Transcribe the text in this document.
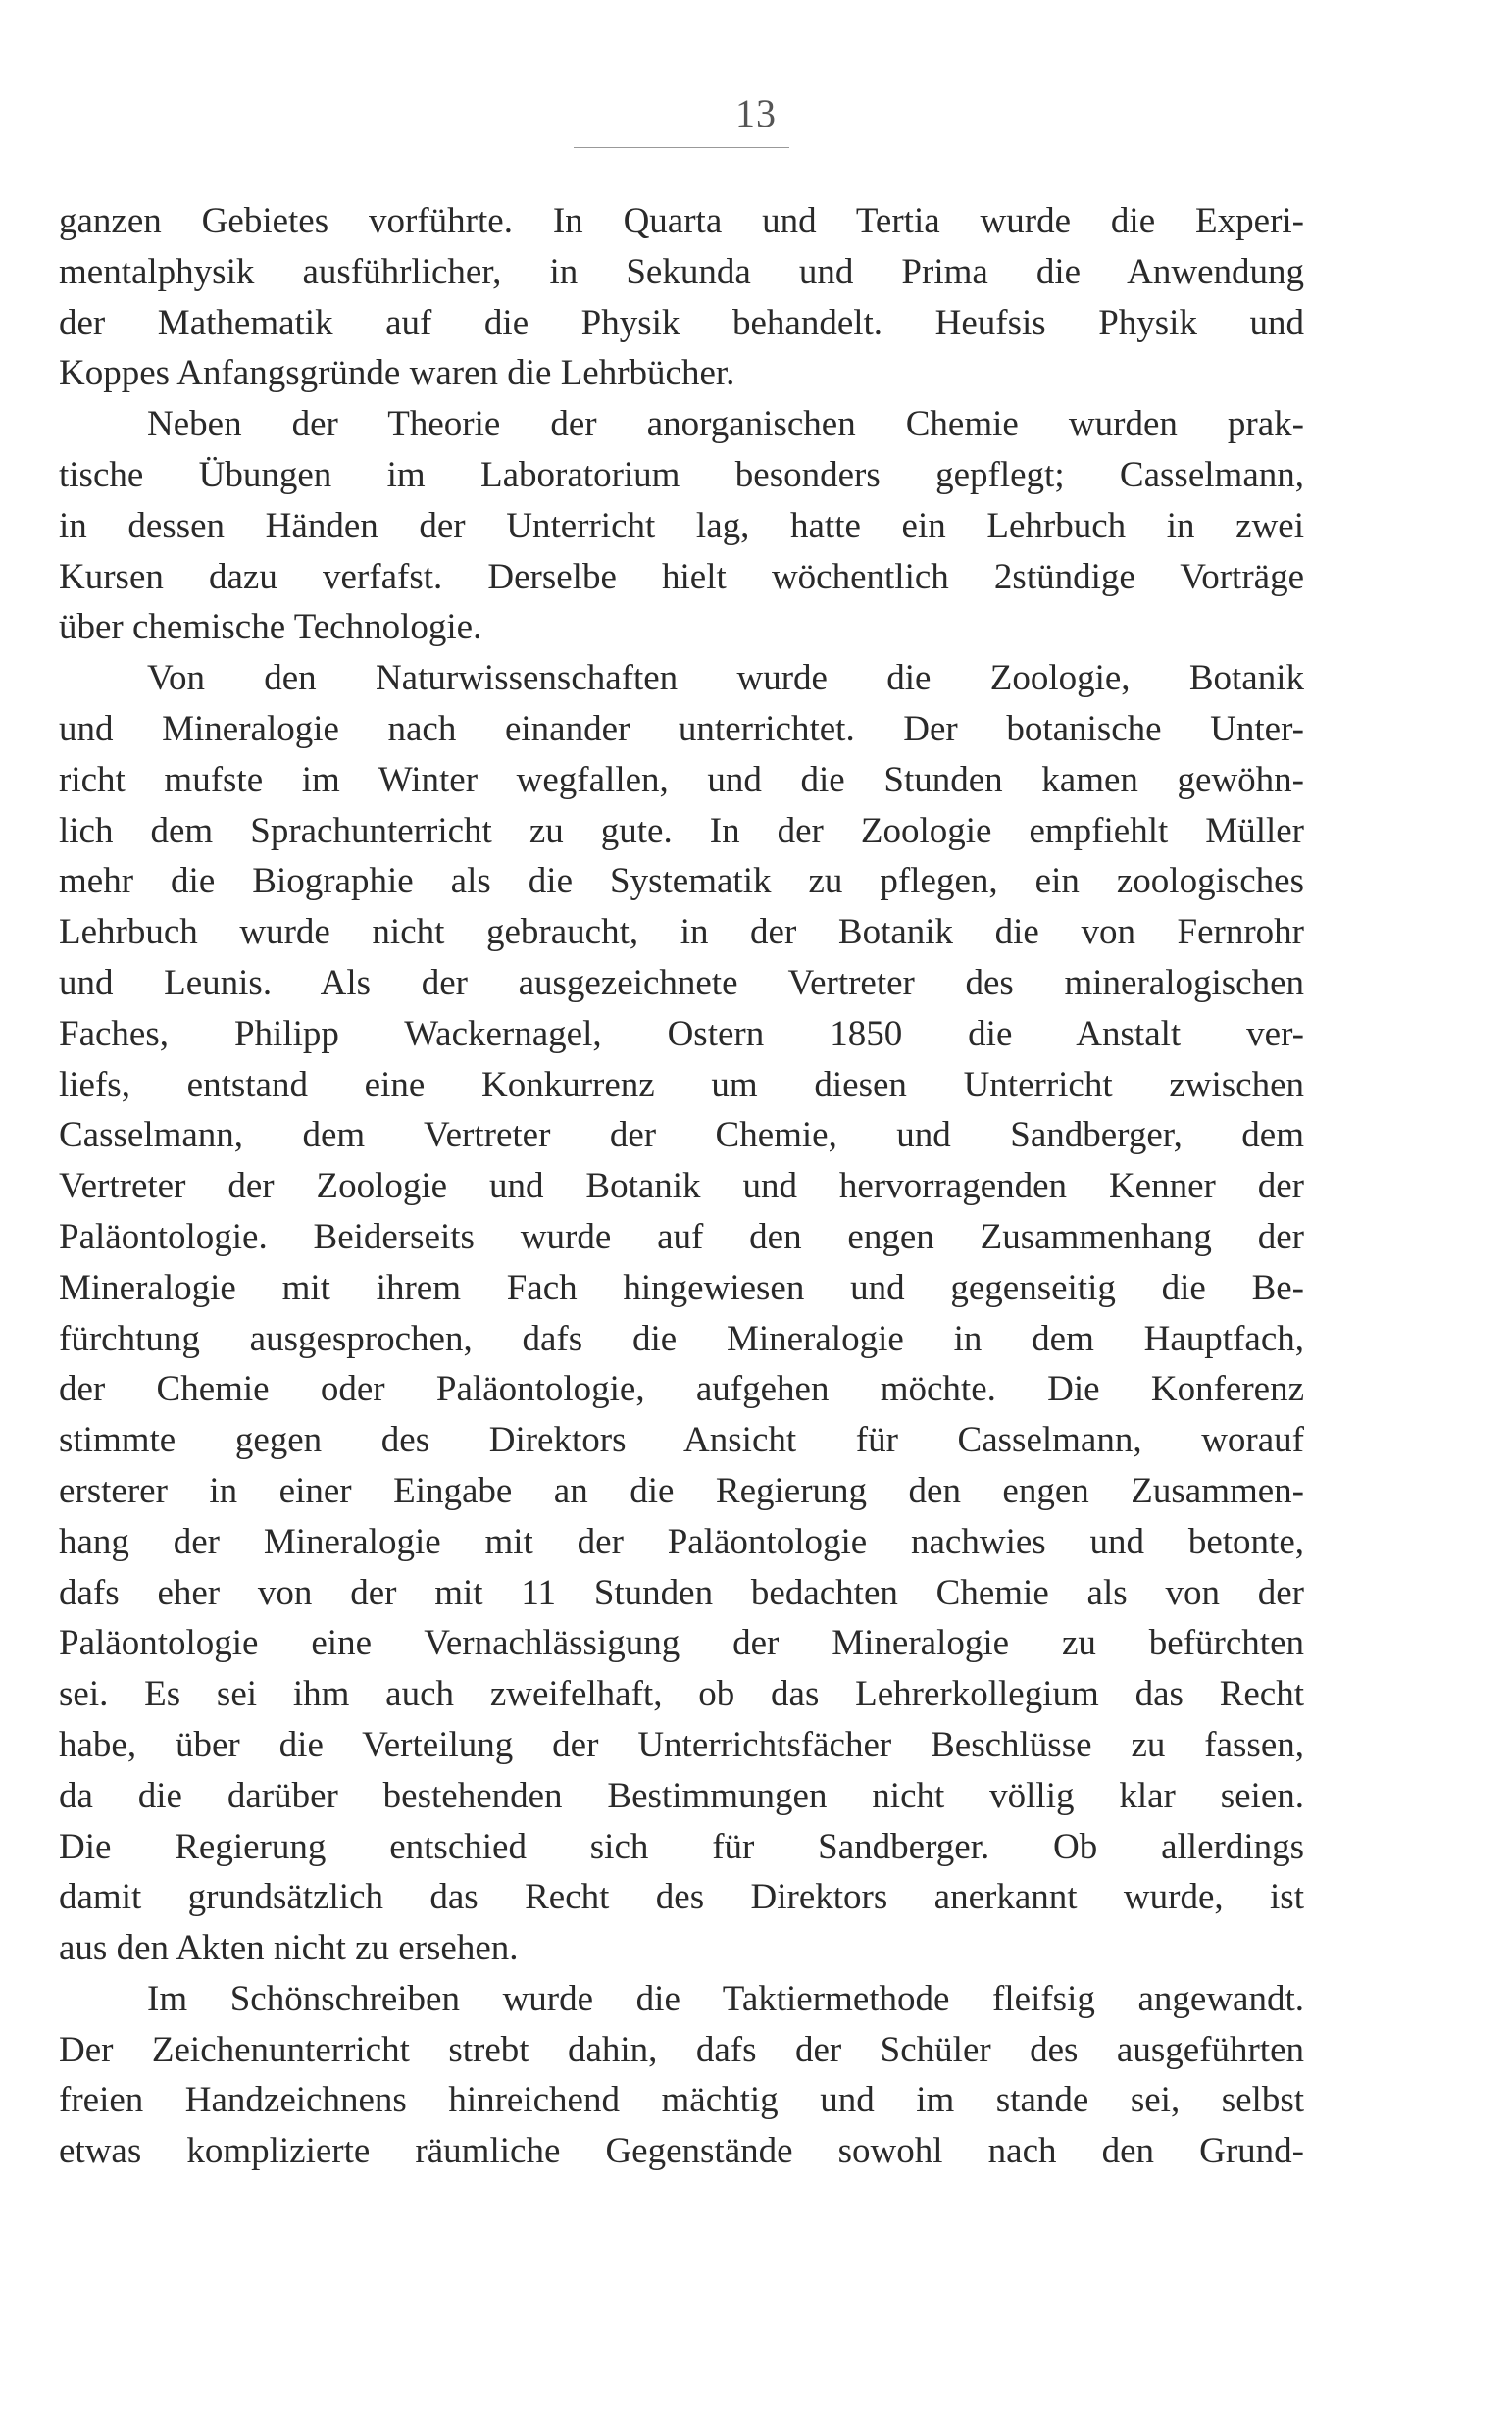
13
ganzen Gebietes vorführte. In Quarta und Tertia wurde die Experi-
mentalphysik ausführlicher, in Sekunda und Prima die Anwendung
der Mathematik auf die Physik behandelt. Heufsis Physik und
Koppes Anfangsgründe waren die Lehrbücher.
Neben der Theorie der anorganischen Chemie wurden prak-
tische Übungen im Laboratorium besonders gepflegt; Casselmann,
in dessen Händen der Unterricht lag, hatte ein Lehrbuch in zwei
Kursen dazu verfafst. Derselbe hielt wöchentlich 2stündige Vorträge
über chemische Technologie.
Von den Naturwissenschaften wurde die Zoologie, Botanik
und Mineralogie nach einander unterrichtet. Der botanische Unter-
richt mufste im Winter wegfallen, und die Stunden kamen gewöhn-
lich dem Sprachunterricht zu gute. In der Zoologie empfiehlt Müller
mehr die Biographie als die Systematik zu pflegen, ein zoologisches
Lehrbuch wurde nicht gebraucht, in der Botanik die von Fernrohr
und Leunis. Als der ausgezeichnete Vertreter des mineralogischen
Faches, Philipp Wackernagel, Ostern 1850 die Anstalt ver-
liefs, entstand eine Konkurrenz um diesen Unterricht zwischen
Casselmann, dem Vertreter der Chemie, und Sandberger, dem
Vertreter der Zoologie und Botanik und hervorragenden Kenner der
Paläontologie. Beiderseits wurde auf den engen Zusammenhang der
Mineralogie mit ihrem Fach hingewiesen und gegenseitig die Be-
fürchtung ausgesprochen, dafs die Mineralogie in dem Hauptfach,
der Chemie oder Paläontologie, aufgehen möchte. Die Konferenz
stimmte gegen des Direktors Ansicht für Casselmann, worauf
ersterer in einer Eingabe an die Regierung den engen Zusammen-
hang der Mineralogie mit der Paläontologie nachwies und betonte,
dafs eher von der mit 11 Stunden bedachten Chemie als von der
Paläontologie eine Vernachlässigung der Mineralogie zu befürchten
sei. Es sei ihm auch zweifelhaft, ob das Lehrerkollegium das Recht
habe, über die Verteilung der Unterrichtsfächer Beschlüsse zu fassen,
da die darüber bestehenden Bestimmungen nicht völlig klar seien.
Die Regierung entschied sich für Sandberger. Ob allerdings
damit grundsätzlich das Recht des Direktors anerkannt wurde, ist
aus den Akten nicht zu ersehen.
Im Schönschreiben wurde die Taktiermethode fleifsig angewandt.
Der Zeichenunterricht strebt dahin, dafs der Schüler des ausgeführten
freien Handzeichnens hinreichend mächtig und im stande sei, selbst
etwas komplizierte räumliche Gegenstände sowohl nach den Grund-
